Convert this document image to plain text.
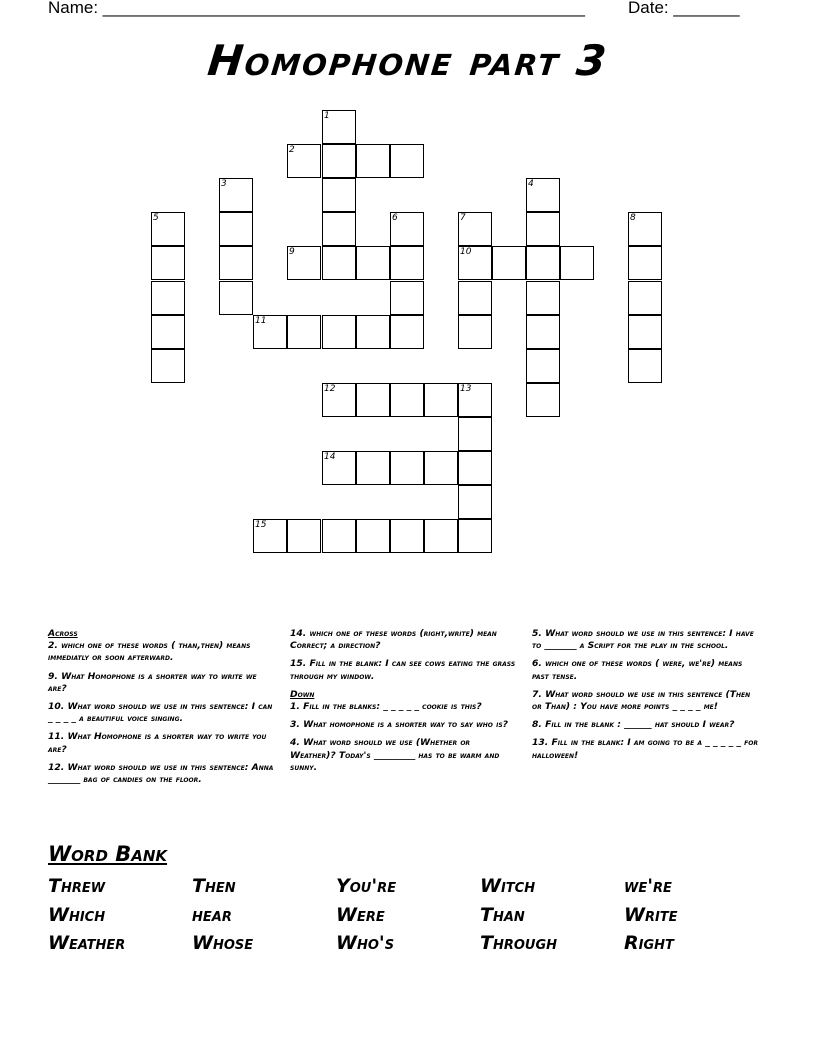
Name: ___________________________________________________	Date: _______
Homophone part 3
2
9	10
11
12	13
14
15
1
3	4
5	6	7	8
Across
2. which one of these words ( than,then) means immediatly or soon afterward.
9. What Homophone is a shorter way to write we are?
10. What word should we use in this sentence: I can _ _ _ _ a beautiful voice singing.
11. What Homophone is a shorter way to write you are?
12. What word should we use in this sentence: Anna _______ bag of candies on the floor.
14. which one of these words (right,write) mean Correct; a direction?
15. Fill in the blank: I can see cows eating the grass through my window.
Down
1. Fill in the blanks: _ _ _ _ _ cookie is this?
3. What homophone is a shorter way to say who is?
4. What word should we use (Whether or Weather)? Today's _________ has to be warm and sunny.
5. What word should we use in this sentence: I have to _______ a Script for the play in the school.
6. which one of these words ( were, we're) means past tense.
7. What word should we use in this sentence (Then or Than) : You have more points _ _ _ _ me!
8. Fill in the blank : ______ hat should I wear?
13. Fill in the blank: I am going to be a _ _ _ _ _ for halloween!
Word Bank
Threw	Then	You're	Witch	we're
Which	hear	Were	Than	Write
Weather	Whose	Who's	Through	Right
